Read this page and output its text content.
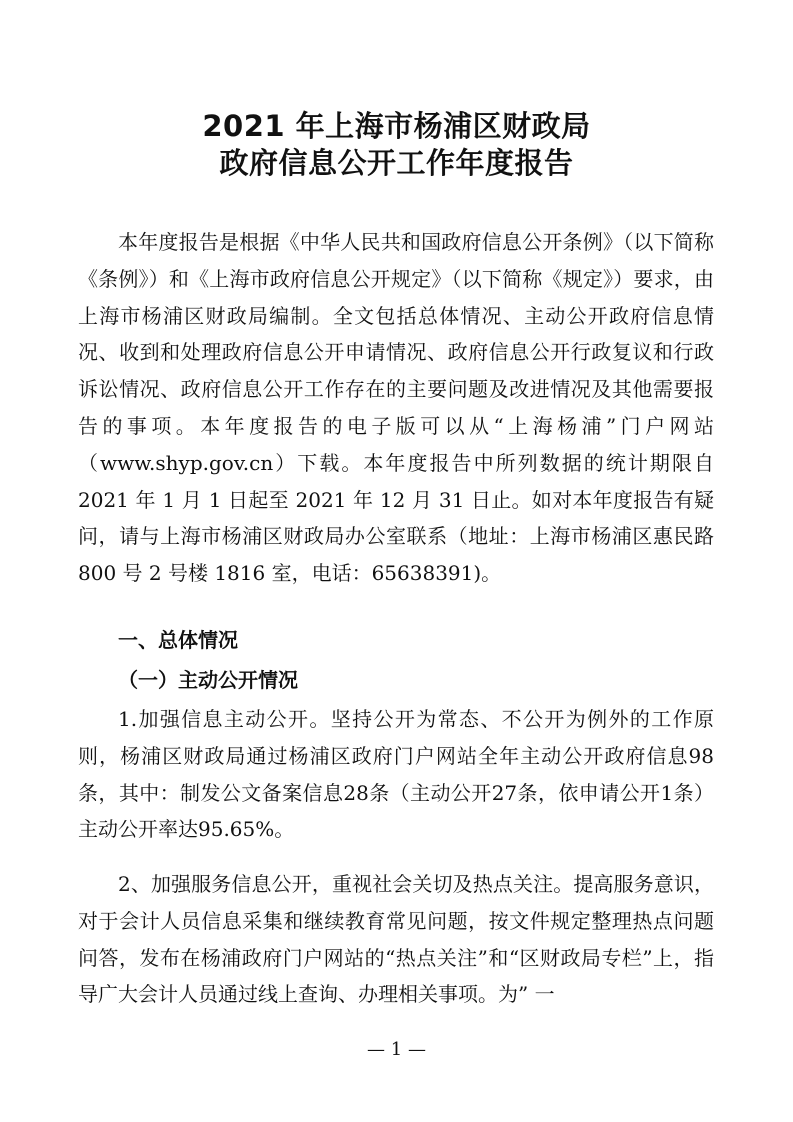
2021 年上海市杨浦区财政局
政府信息公开工作年度报告

本年度报告是根据《中华人民共和国政府信息公开条例》（以下简称《条例》）和《上海市政府信息公开规定》（以下简称《规定》）要求，由上海市杨浦区财政局编制。全文包括总体情况、主动公开政府信息情况、收到和处理政府信息公开申请情况、政府信息公开行政复议和行政诉讼情况、政府信息公开工作存在的主要问题及改进情况及其他需要报告的事项。本年度报告的电子版可以从“上海杨浦”门户网站（www.shyp.gov.cn）下载。本年度报告中所列数据的统计期限自 2021 年 1 月 1 日起至 2021 年 12 月 31 日止。如对本年度报告有疑问，请与上海市杨浦区财政局办公室联系（地址：上海市杨浦区惠民路 800 号 2 号楼 1816 室，电话：65638391)。

一、总体情况
（一）主动公开情况

1.加强信息主动公开。坚持公开为常态、不公开为例外的工作原则，杨浦区财政局通过杨浦区政府门户网站全年主动公开政府信息98条，其中：制发公文备案信息28条（主动公开27条，依申请公开1条）主动公开率达95.65%。

2、加强服务信息公开，重视社会关切及热点关注。提高服务意识，对于会计人员信息采集和继续教育常见问题，按文件规定整理热点问题问答，发布在杨浦政府门户网站的“热点关注”和“区财政局专栏”上，指导广大会计人员通过线上查询、办理相关事项。为” 一

— 1 —
